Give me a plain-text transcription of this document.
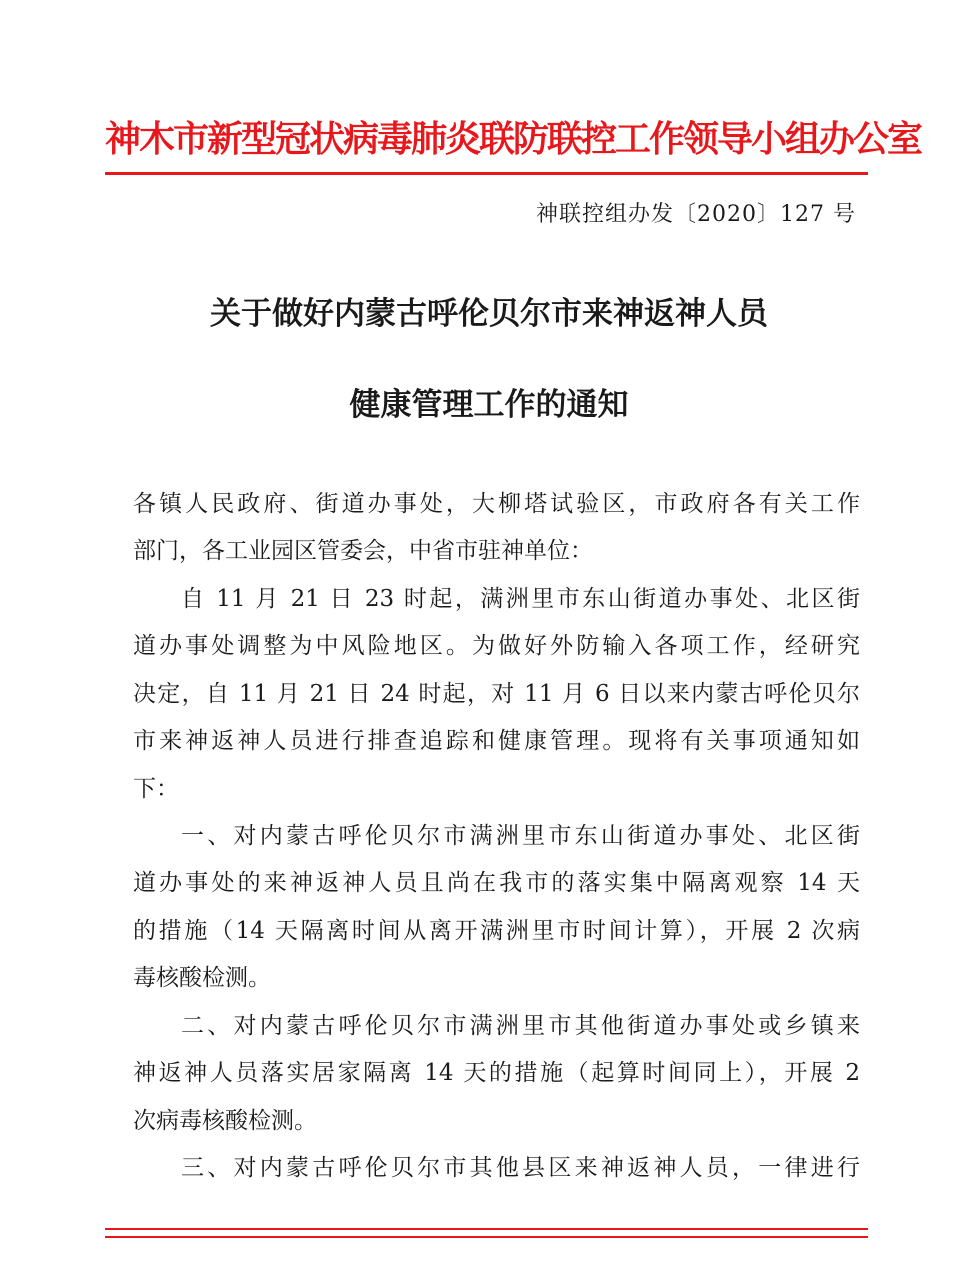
神木市新型冠状病毒肺炎联防联控工作领导小组办公室
神联控组办发〔2020〕127 号
关于做好内蒙古呼伦贝尔市来神返神人员
健康管理工作的通知
各镇人民政府、街道办事处，大柳塔试验区，市政府各有关工作
部门，各工业园区管委会，中省市驻神单位：
自 11 月 21 日 23 时起，满洲里市东山街道办事处、北区街
道办事处调整为中风险地区。为做好外防输入各项工作，经研究
决定，自 11 月 21 日 24 时起，对 11 月 6 日以来内蒙古呼伦贝尔
市来神返神人员进行排查追踪和健康管理。现将有关事项通知如
下：
一、对内蒙古呼伦贝尔市满洲里市东山街道办事处、北区街
道办事处的来神返神人员且尚在我市的落实集中隔离观察 14 天
的措施（14 天隔离时间从离开满洲里市时间计算），开展 2 次病
毒核酸检测。
二、对内蒙古呼伦贝尔市满洲里市其他街道办事处或乡镇来
神返神人员落实居家隔离 14 天的措施（起算时间同上），开展 2
次病毒核酸检测。
三、对内蒙古呼伦贝尔市其他县区来神返神人员，一律进行
